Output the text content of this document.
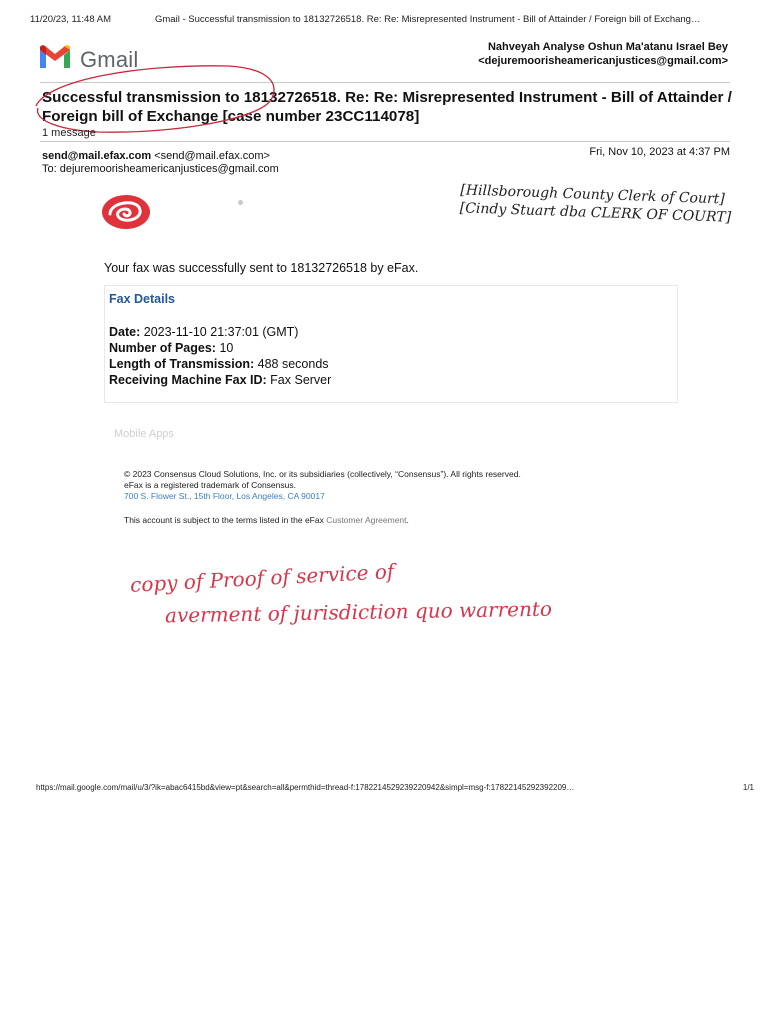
11/20/23, 11:48 AM	Gmail - Successful transmission to 18132726518. Re: Re: Misrepresented Instrument - Bill of Attainder / Foreign bill of Exchang…
Gmail	Nahveyah Analyse Oshun Ma'atanu Israel Bey
<dejuremoorisheamericanjustices@gmail.com>
Successful transmission to 18132726518. Re: Re: Misrepresented Instrument - Bill of Attainder / Foreign bill of Exchange [case number 23CC114078]
1 message
send@mail.efax.com <send@mail.efax.com>
To: dejuremoorisheamericanjustices@gmail.com
Fri, Nov 10, 2023 at 4:37 PM
[Hillsborough County Clerk of Court]
[Cindy Stuart dba CLERK OF COURT]
Your fax was successfully sent to 18132726518 by eFax.
Fax Details
Date: 2023-11-10 21:37:01 (GMT)
Number of Pages: 10
Length of Transmission: 488 seconds
Receiving Machine Fax ID: Fax Server
Mobile Apps
© 2023 Consensus Cloud Solutions, Inc. or its subsidiaries (collectively, “Consensus”). All rights reserved.
eFax is a registered trademark of Consensus.
700 S. Flower St., 15th Floor, Los Angeles, CA 90017
This account is subject to the terms listed in the eFax Customer Agreement.
copy of Proof of service of
averment of jurisdiction quo warrento
https://mail.google.com/mail/u/3/?ik=abac6415bd&view=pt&search=all&permthid=thread-f:1782214529239220942&simpl=msg-f:17822145292392209…	1/1
